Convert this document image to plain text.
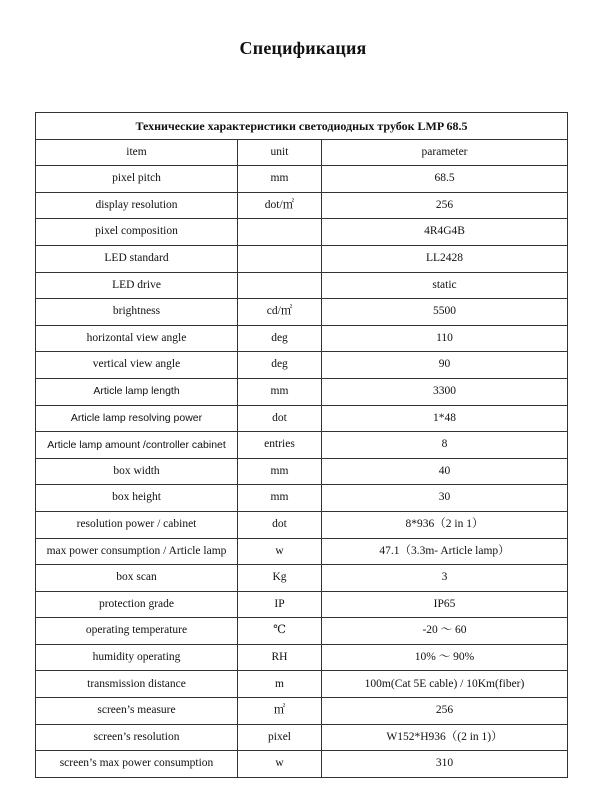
Спецификация
Технические характеристики светодиодных трубок LMP 68.5		
item	unit	parameter
pixel pitch	mm	68.5
display resolution	dot/㎡	256
pixel composition		4R4G4B
LED standard		LL2428
LED drive		static
brightness	cd/㎡	5500
horizontal view angle	deg	110
vertical view angle	deg	90
Article lamp length	mm	3300
Article lamp resolving power	dot	1*48
Article lamp amount /controller cabinet	entries	8
box width	mm	40
box height	mm	30
resolution power / cabinet	dot	8*936（2 in 1）
max power consumption / Article lamp	w	47.1（3.3m- Article lamp）
box scan	Kg	3
protection grade	IP	IP65
operating temperature	℃	-20 ～ 60
humidity operating	RH	10% ～ 90%
transmission distance	m	100m(Cat 5E cable) / 10Km(fiber)
screen’s measure	㎡	256
screen’s resolution	pixel	W152*H936（(2 in 1)）
screen’s max power consumption	w	310
